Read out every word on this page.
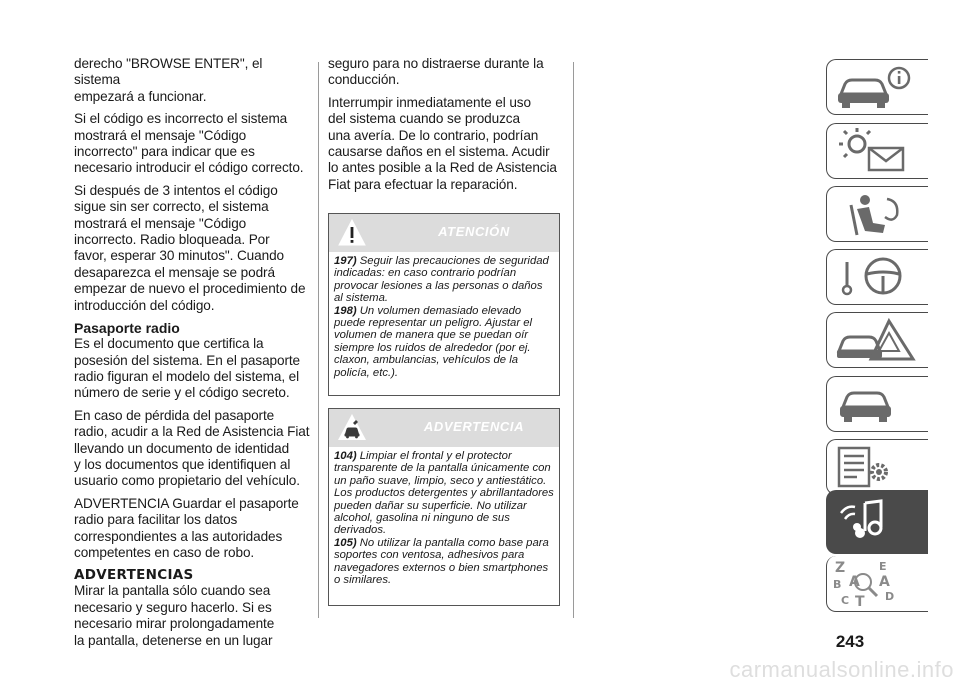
derecho "BROWSE ENTER", el sistema
empezará a funcionar.

Si el código es incorrecto el sistema
mostrará el mensaje "Código
incorrecto" para indicar que es
necesario introducir el código correcto.

Si después de 3 intentos el código
sigue sin ser correcto, el sistema
mostrará el mensaje "Código
incorrecto. Radio bloqueada. Por
favor, esperar 30 minutos". Cuando
desaparezca el mensaje se podrá
empezar de nuevo el procedimiento de
introducción del código.

Pasaporte radio

Es el documento que certifica la
posesión del sistema. En el pasaporte
radio figuran el modelo del sistema, el
número de serie y el código secreto.

En caso de pérdida del pasaporte
radio, acudir a la Red de Asistencia Fiat
llevando un documento de identidad
y los documentos que identifiquen al
usuario como propietario del vehículo.

ADVERTENCIA Guardar el pasaporte
radio para facilitar los datos
correspondientes a las autoridades
competentes en caso de robo.

ADVERTENCIAS

Mirar la pantalla sólo cuando sea
necesario y seguro hacerlo. Si es
necesario mirar prolongadamente
la pantalla, detenerse en un lugar

seguro para no distraerse durante la
conducción.

Interrumpir inmediatamente el uso
del sistema cuando se produzca
una avería. De lo contrario, podrían
causarse daños en el sistema. Acudir
lo antes posible a la Red de Asistencia
Fiat para efectuar la reparación.

ATENCIÓN

197) Seguir las precauciones de seguridad indicadas: en caso contrario podrían provocar lesiones a las personas o daños al sistema.

198) Un volumen demasiado elevado puede representar un peligro. Ajustar el volumen de manera que se puedan oír siempre los ruidos de alrededor (por ej. claxon, ambulancias, vehículos de la policía, etc.).

ADVERTENCIA

104) Limpiar el frontal y el protector transparente de la pantalla únicamente con un paño suave, limpio, seco y antiestático. Los productos detergentes y abrillantadores pueden dañar su superficie. No utilizar alcohol, gasolina ni ninguno de sus derivados.

105) No utilizar la pantalla como base para soportes con ventosa, adhesivos para navegadores externos o bien smartphones o similares.

Z
B A
E
A
C T D
243
carmanualsonline.info
